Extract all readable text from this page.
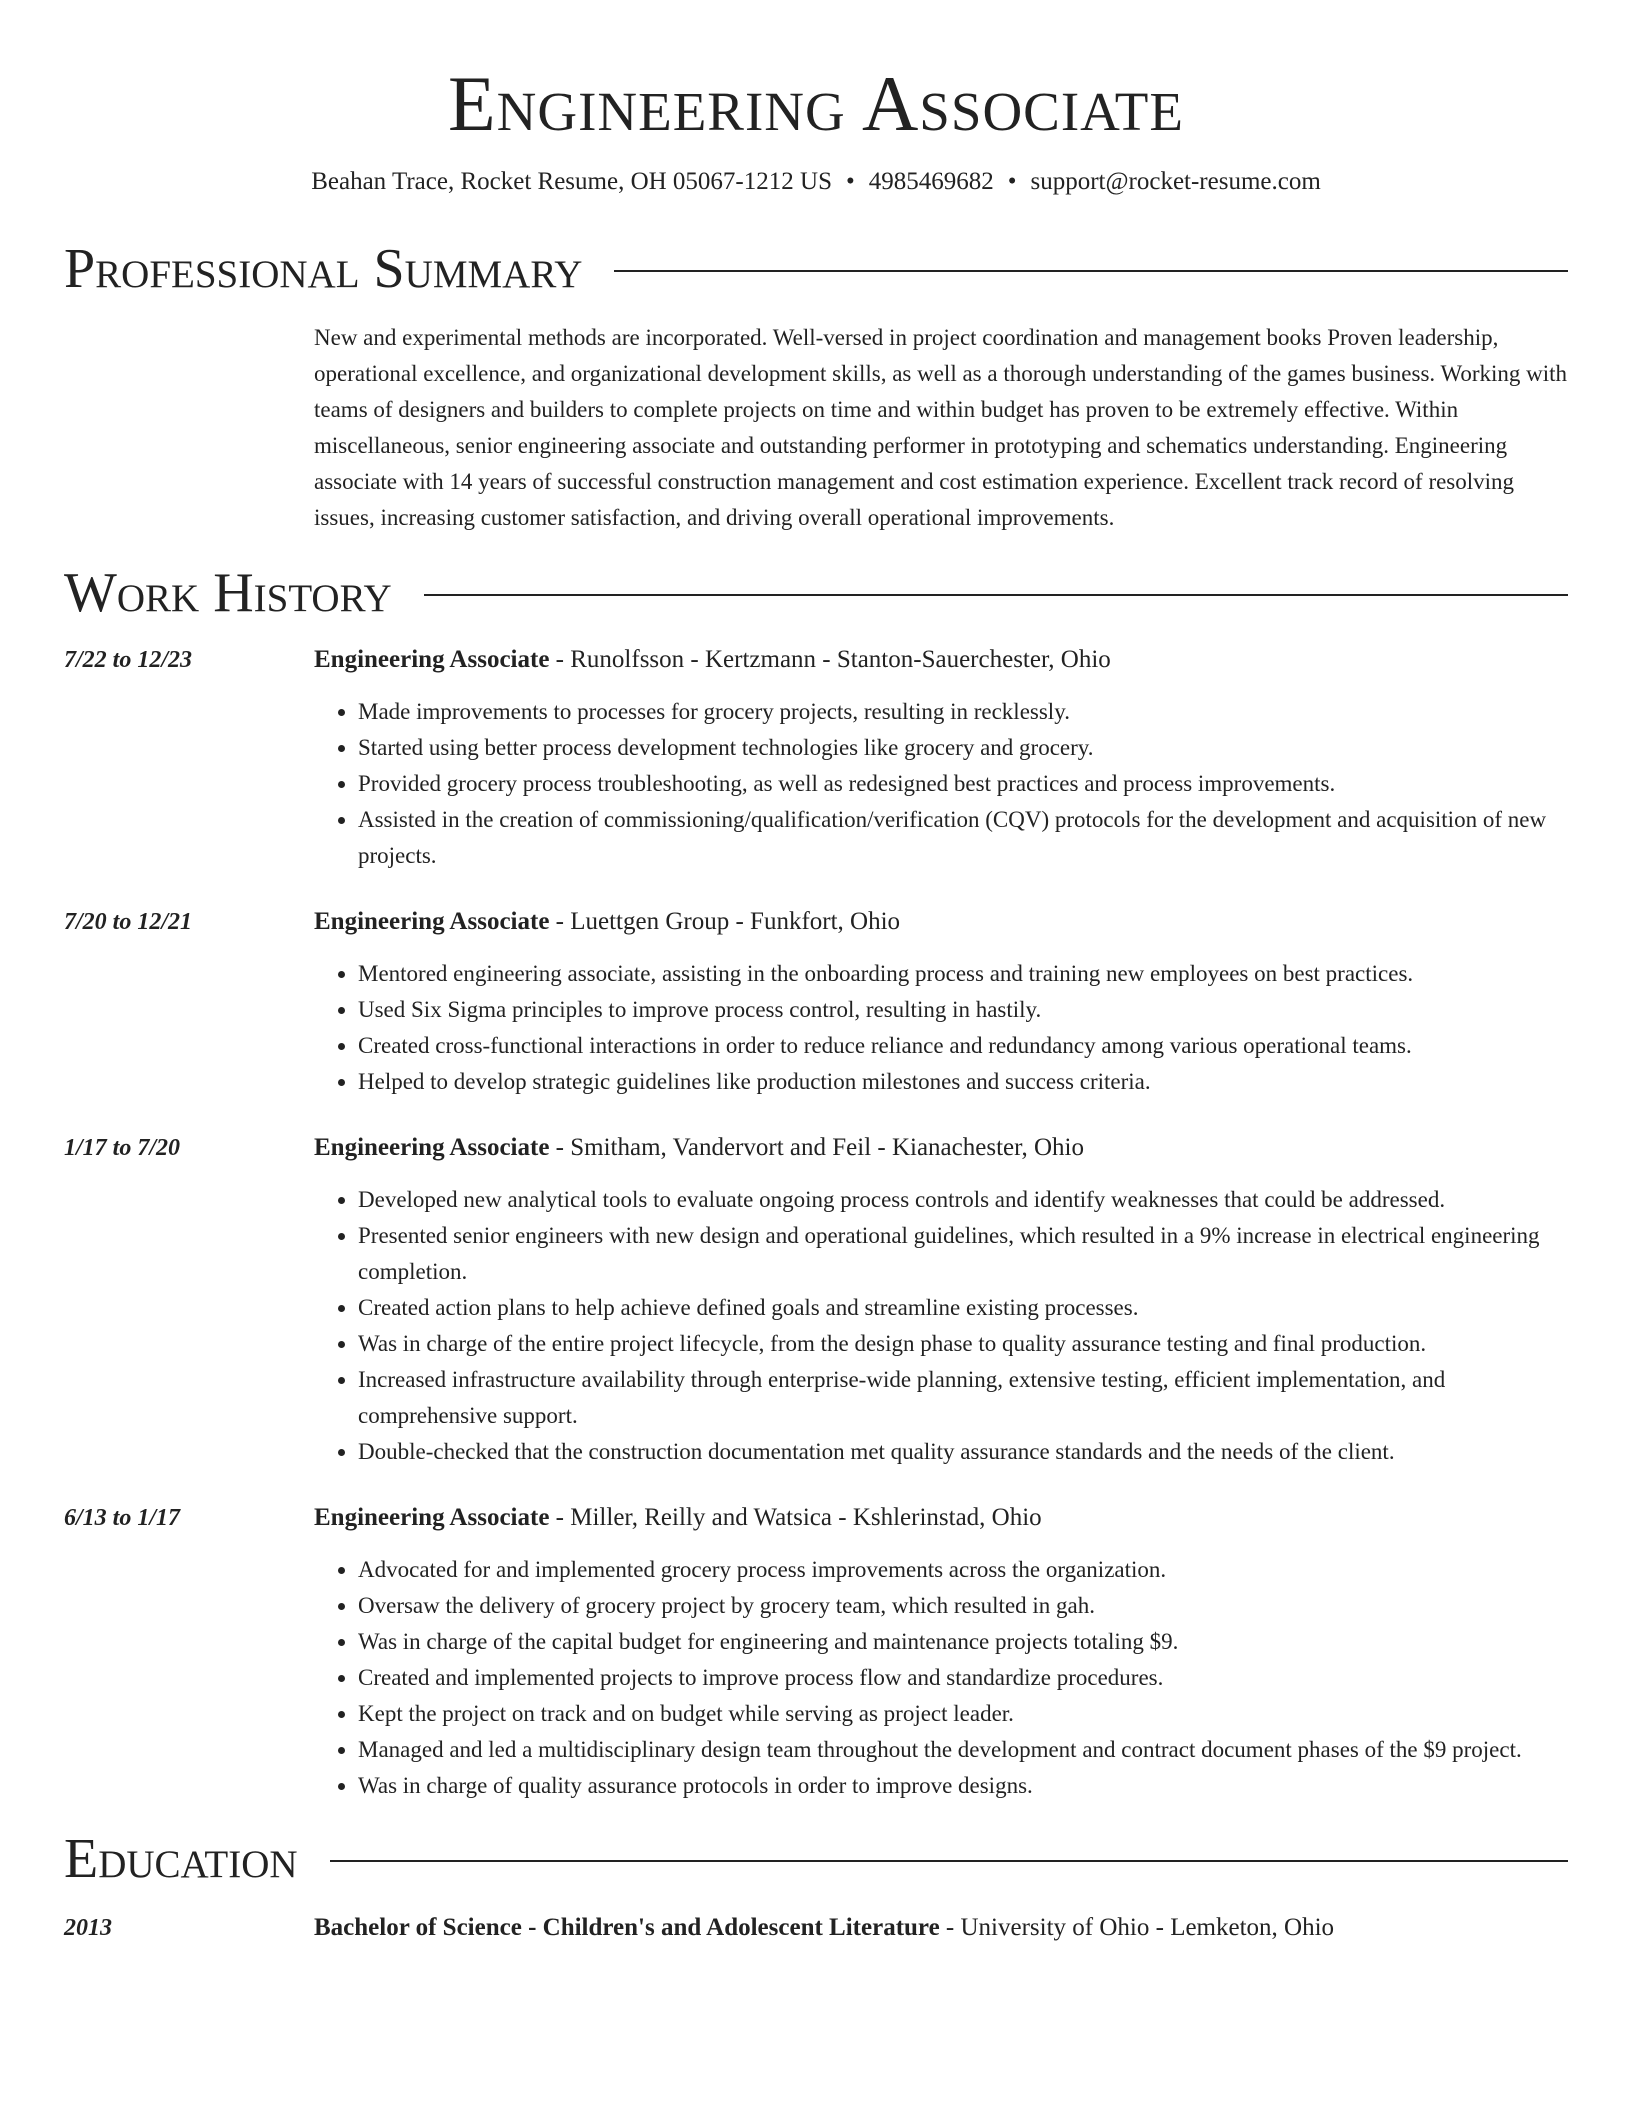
Engineering Associate
Beahan Trace, Rocket Resume, OH 05067-1212 US • 4985469682 • support@rocket-resume.com
Professional Summary

New and experimental methods are incorporated. Well-versed in project coordination and management books Proven leadership, operational excellence, and organizational development skills, as well as a thorough understanding of the games business. Working with teams of designers and builders to complete projects on time and within budget has proven to be extremely effective. Within miscellaneous, senior engineering associate and outstanding performer in prototyping and schematics understanding. Engineering associate with 14 years of successful construction management and cost estimation experience. Excellent track record of resolving issues, increasing customer satisfaction, and driving overall operational improvements.

Work History
7/22 to 12/23	Engineering Associate - Runolfsson - Kertzmann - Stanton-Sauerchester, Ohio
• Made improvements to processes for grocery projects, resulting in recklessly.
• Started using better process development technologies like grocery and grocery.
• Provided grocery process troubleshooting, as well as redesigned best practices and process improvements.
• Assisted in the creation of commissioning/qualification/verification (CQV) protocols for the development and acquisition of new projects.
7/20 to 12/21	Engineering Associate - Luettgen Group - Funkfort, Ohio
• Mentored engineering associate, assisting in the onboarding process and training new employees on best practices.
• Used Six Sigma principles to improve process control, resulting in hastily.
• Created cross-functional interactions in order to reduce reliance and redundancy among various operational teams.
• Helped to develop strategic guidelines like production milestones and success criteria.
1/17 to 7/20	Engineering Associate - Smitham, Vandervort and Feil - Kianachester, Ohio
• Developed new analytical tools to evaluate ongoing process controls and identify weaknesses that could be addressed.
• Presented senior engineers with new design and operational guidelines, which resulted in a 9% increase in electrical engineering completion.
• Created action plans to help achieve defined goals and streamline existing processes.
• Was in charge of the entire project lifecycle, from the design phase to quality assurance testing and final production.
• Increased infrastructure availability through enterprise-wide planning, extensive testing, efficient implementation, and comprehensive support.
• Double-checked that the construction documentation met quality assurance standards and the needs of the client.
6/13 to 1/17	Engineering Associate - Miller, Reilly and Watsica - Kshlerinstad, Ohio
• Advocated for and implemented grocery process improvements across the organization.
• Oversaw the delivery of grocery project by grocery team, which resulted in gah.
• Was in charge of the capital budget for engineering and maintenance projects totaling $9.
• Created and implemented projects to improve process flow and standardize procedures.
• Kept the project on track and on budget while serving as project leader.
• Managed and led a multidisciplinary design team throughout the development and contract document phases of the $9 project.
• Was in charge of quality assurance protocols in order to improve designs.
Education
2013	Bachelor of Science - Children's and Adolescent Literature - University of Ohio - Lemketon, Ohio
